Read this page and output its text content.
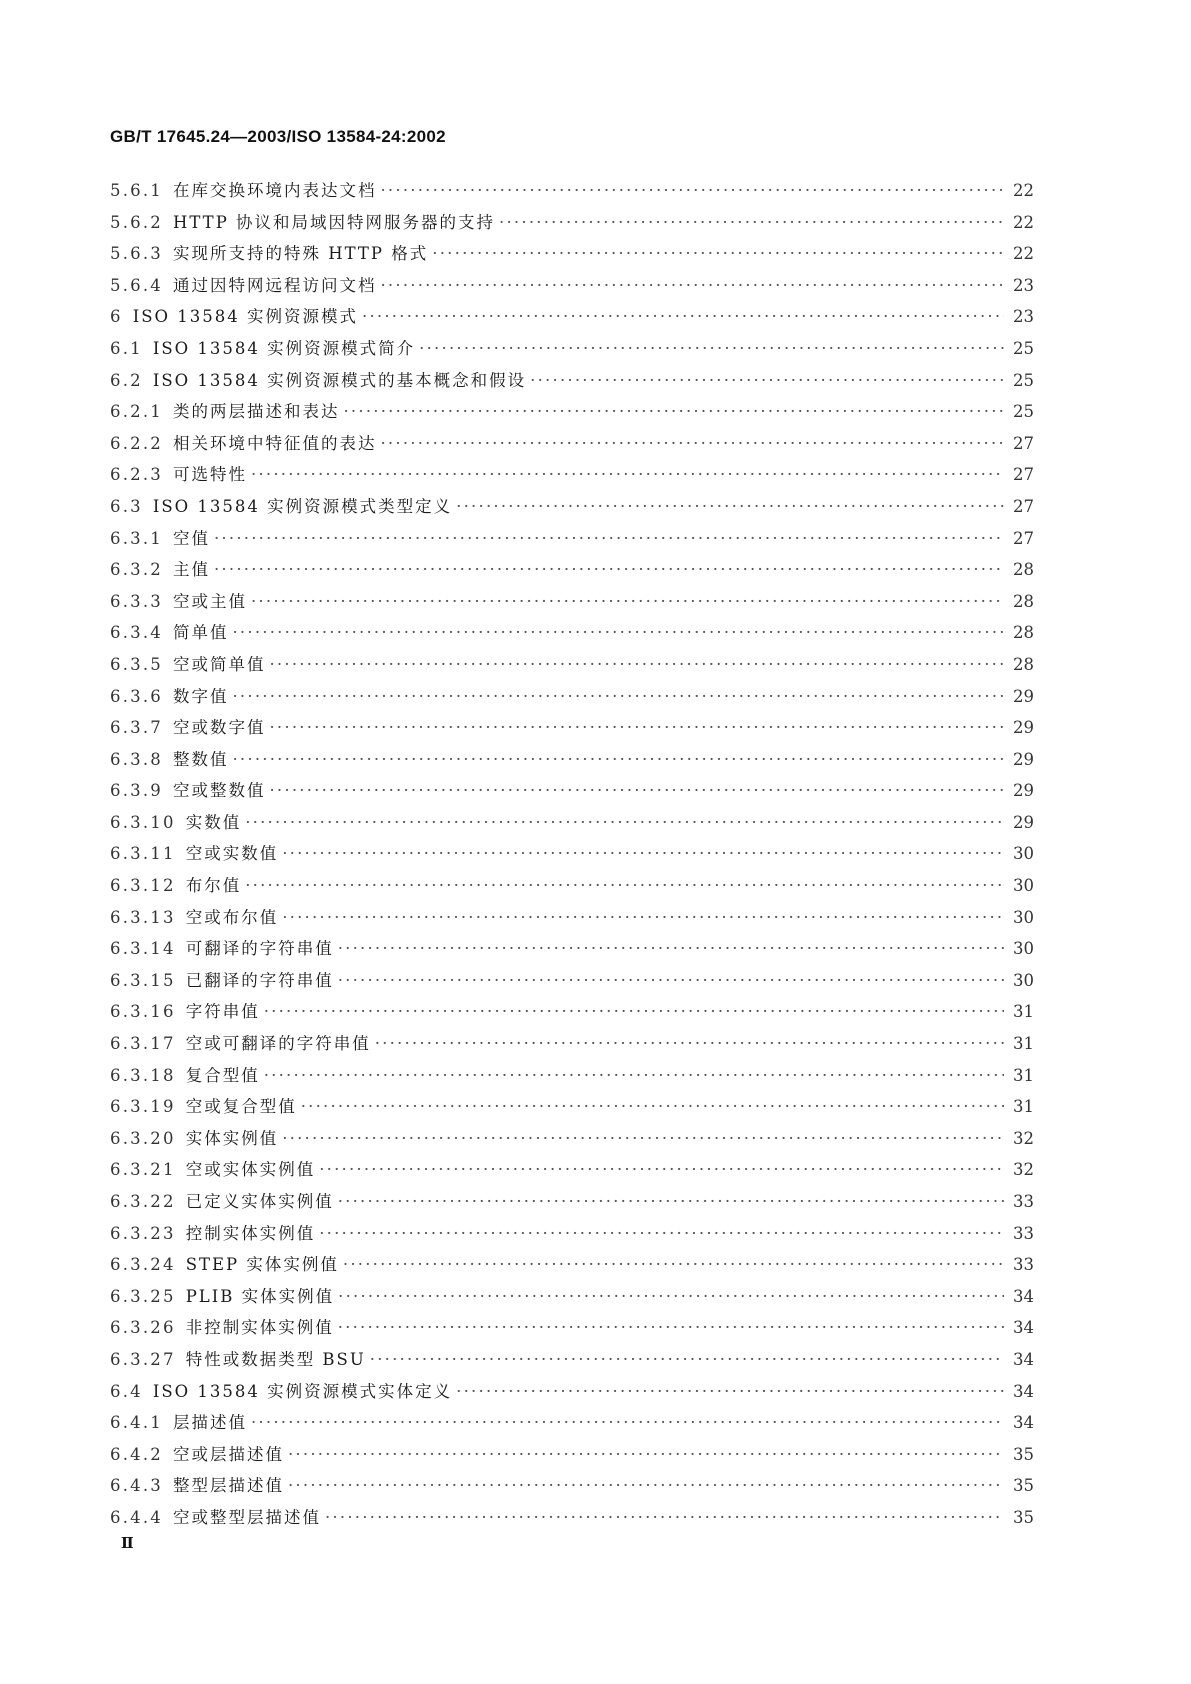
GB/T 17645.24—2003/ISO 13584-24:2002
5.6.1 在库交换环境内表达文档 ·····	22
5.6.2 HTTP 协议和局域因特网服务器的支持 ·····	22
5.6.3 实现所支持的特殊 HTTP 格式 ·····	22
5.6.4 通过因特网远程访问文档 ·····	23
6 ISO 13584 实例资源模式 ·····	23
6.1 ISO 13584 实例资源模式简介 ·····	25
6.2 ISO 13584 实例资源模式的基本概念和假设 ·····	25
6.2.1 类的两层描述和表达 ·····	25
6.2.2 相关环境中特征值的表达 ·····	27
6.2.3 可选特性 ·····	27
6.3 ISO 13584 实例资源模式类型定义 ·····	27
6.3.1 空值 ·····	27
6.3.2 主值 ·····	28
6.3.3 空或主值 ·····	28
6.3.4 简单值 ·····	28
6.3.5 空或简单值 ·····	28
6.3.6 数字值 ·····	29
6.3.7 空或数字值 ·····	29
6.3.8 整数值 ·····	29
6.3.9 空或整数值 ·····	29
6.3.10 实数值 ·····	29
6.3.11 空或实数值 ·····	30
6.3.12 布尔值 ·····	30
6.3.13 空或布尔值 ·····	30
6.3.14 可翻译的字符串值 ·····	30
6.3.15 已翻译的字符串值 ·····	30
6.3.16 字符串值 ·····	31
6.3.17 空或可翻译的字符串值 ·····	31
6.3.18 复合型值 ·····	31
6.3.19 空或复合型值 ·····	31
6.3.20 实体实例值 ·····	32
6.3.21 空或实体实例值 ·····	32
6.3.22 已定义实体实例值 ·····	33
6.3.23 控制实体实例值 ·····	33
6.3.24 STEP 实体实例值 ·····	33
6.3.25 PLIB 实体实例值 ·····	34
6.3.26 非控制实体实例值 ·····	34
6.3.27 特性或数据类型 BSU ·····	34
6.4 ISO 13584 实例资源模式实体定义 ·····	34
6.4.1 层描述值 ·····	34
6.4.2 空或层描述值 ·····	35
6.4.3 整型层描述值 ·····	35
6.4.4 空或整型层描述值 ·····	35
Ⅱ
